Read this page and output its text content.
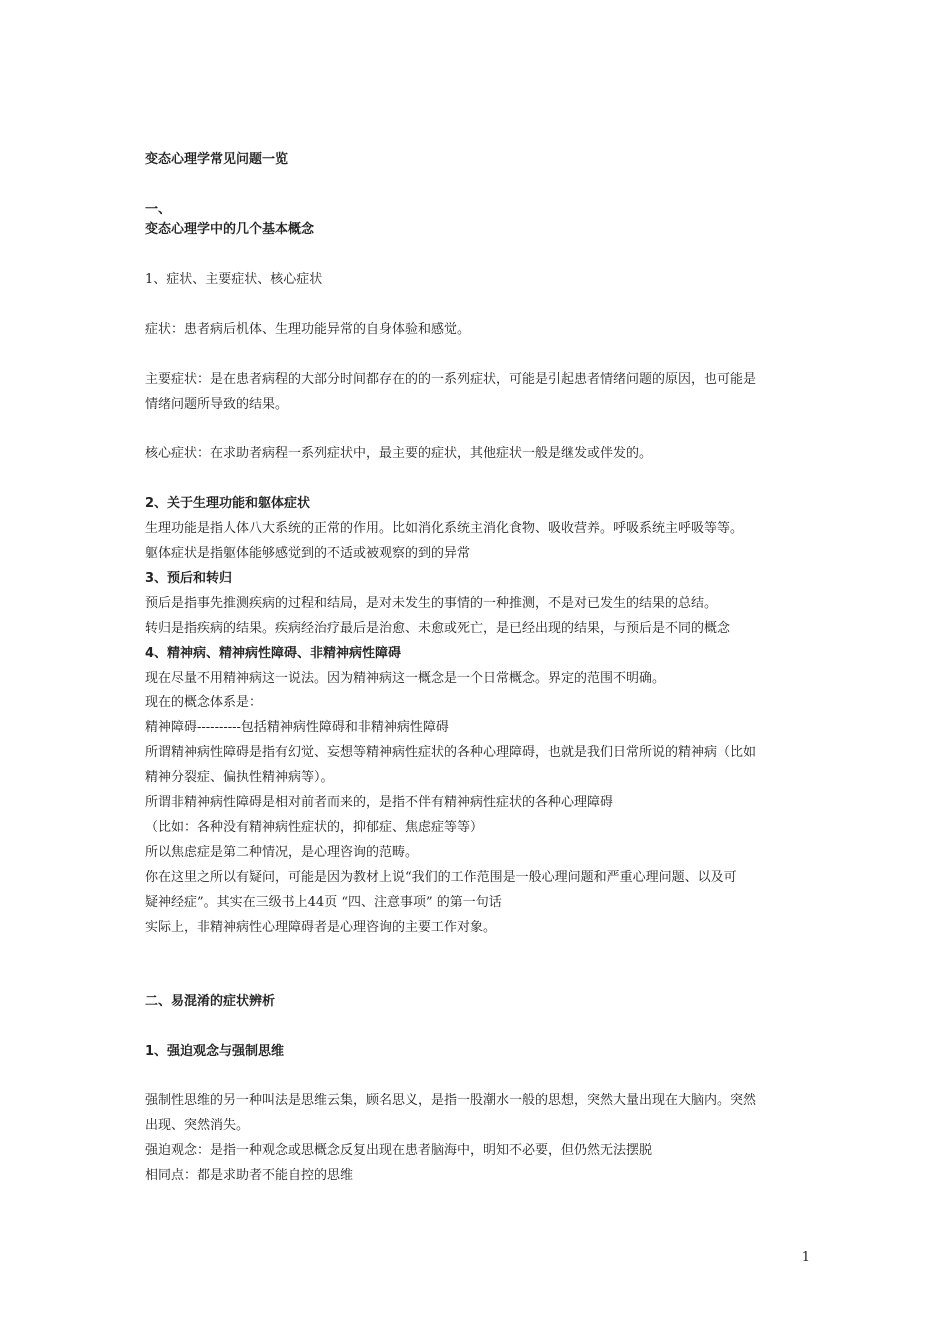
变态心理学常见问题一览
一、
变态心理学中的几个基本概念
1、症状、主要症状、核心症状
症状：患者病后机体、生理功能异常的自身体验和感觉。
主要症状：是在患者病程的大部分时间都存在的的一系列症状，可能是引起患者情绪问题的原因，也可能是
情绪问题所导致的结果。
核心症状：在求助者病程一系列症状中，最主要的症状，其他症状一般是继发或伴发的。
2、关于生理功能和躯体症状
生理功能是指人体八大系统的正常的作用。比如消化系统主消化食物、吸收营养。呼吸系统主呼吸等等。
躯体症状是指躯体能够感觉到的不适或被观察的到的异常
3、预后和转归
预后是指事先推测疾病的过程和结局，是对未发生的事情的一种推测，不是对已发生的结果的总结。
转归是指疾病的结果。疾病经治疗最后是治愈、未愈或死亡，是已经出现的结果，与预后是不同的概念
4、精神病、精神病性障碍、非精神病性障碍
现在尽量不用精神病这一说法。因为精神病这一概念是一个日常概念。界定的范围不明确。
现在的概念体系是：
精神障碍----------包括精神病性障碍和非精神病性障碍
所谓精神病性障碍是指有幻觉、妄想等精神病性症状的各种心理障碍，也就是我们日常所说的精神病（比如
精神分裂症、偏执性精神病等）。
所谓非精神病性障碍是相对前者而来的，是指不伴有精神病性症状的各种心理障碍
（比如：各种没有精神病性症状的，抑郁症、焦虑症等等）
所以焦虑症是第二种情况，是心理咨询的范畴。
你在这里之所以有疑问，可能是因为教材上说“我们的工作范围是一般心理问题和严重心理问题、以及可
疑神经症”。其实在三级书上44页 “四、注意事项” 的第一句话
实际上，非精神病性心理障碍者是心理咨询的主要工作对象。
二、易混淆的症状辨析
1、强迫观念与强制思维
强制性思维的另一种叫法是思维云集，顾名思义，是指一股潮水一般的思想，突然大量出现在大脑内。突然
出现、突然消失。
强迫观念：是指一种观念或思概念反复出现在患者脑海中，明知不必要，但仍然无法摆脱
相同点：都是求助者不能自控的思维
1
